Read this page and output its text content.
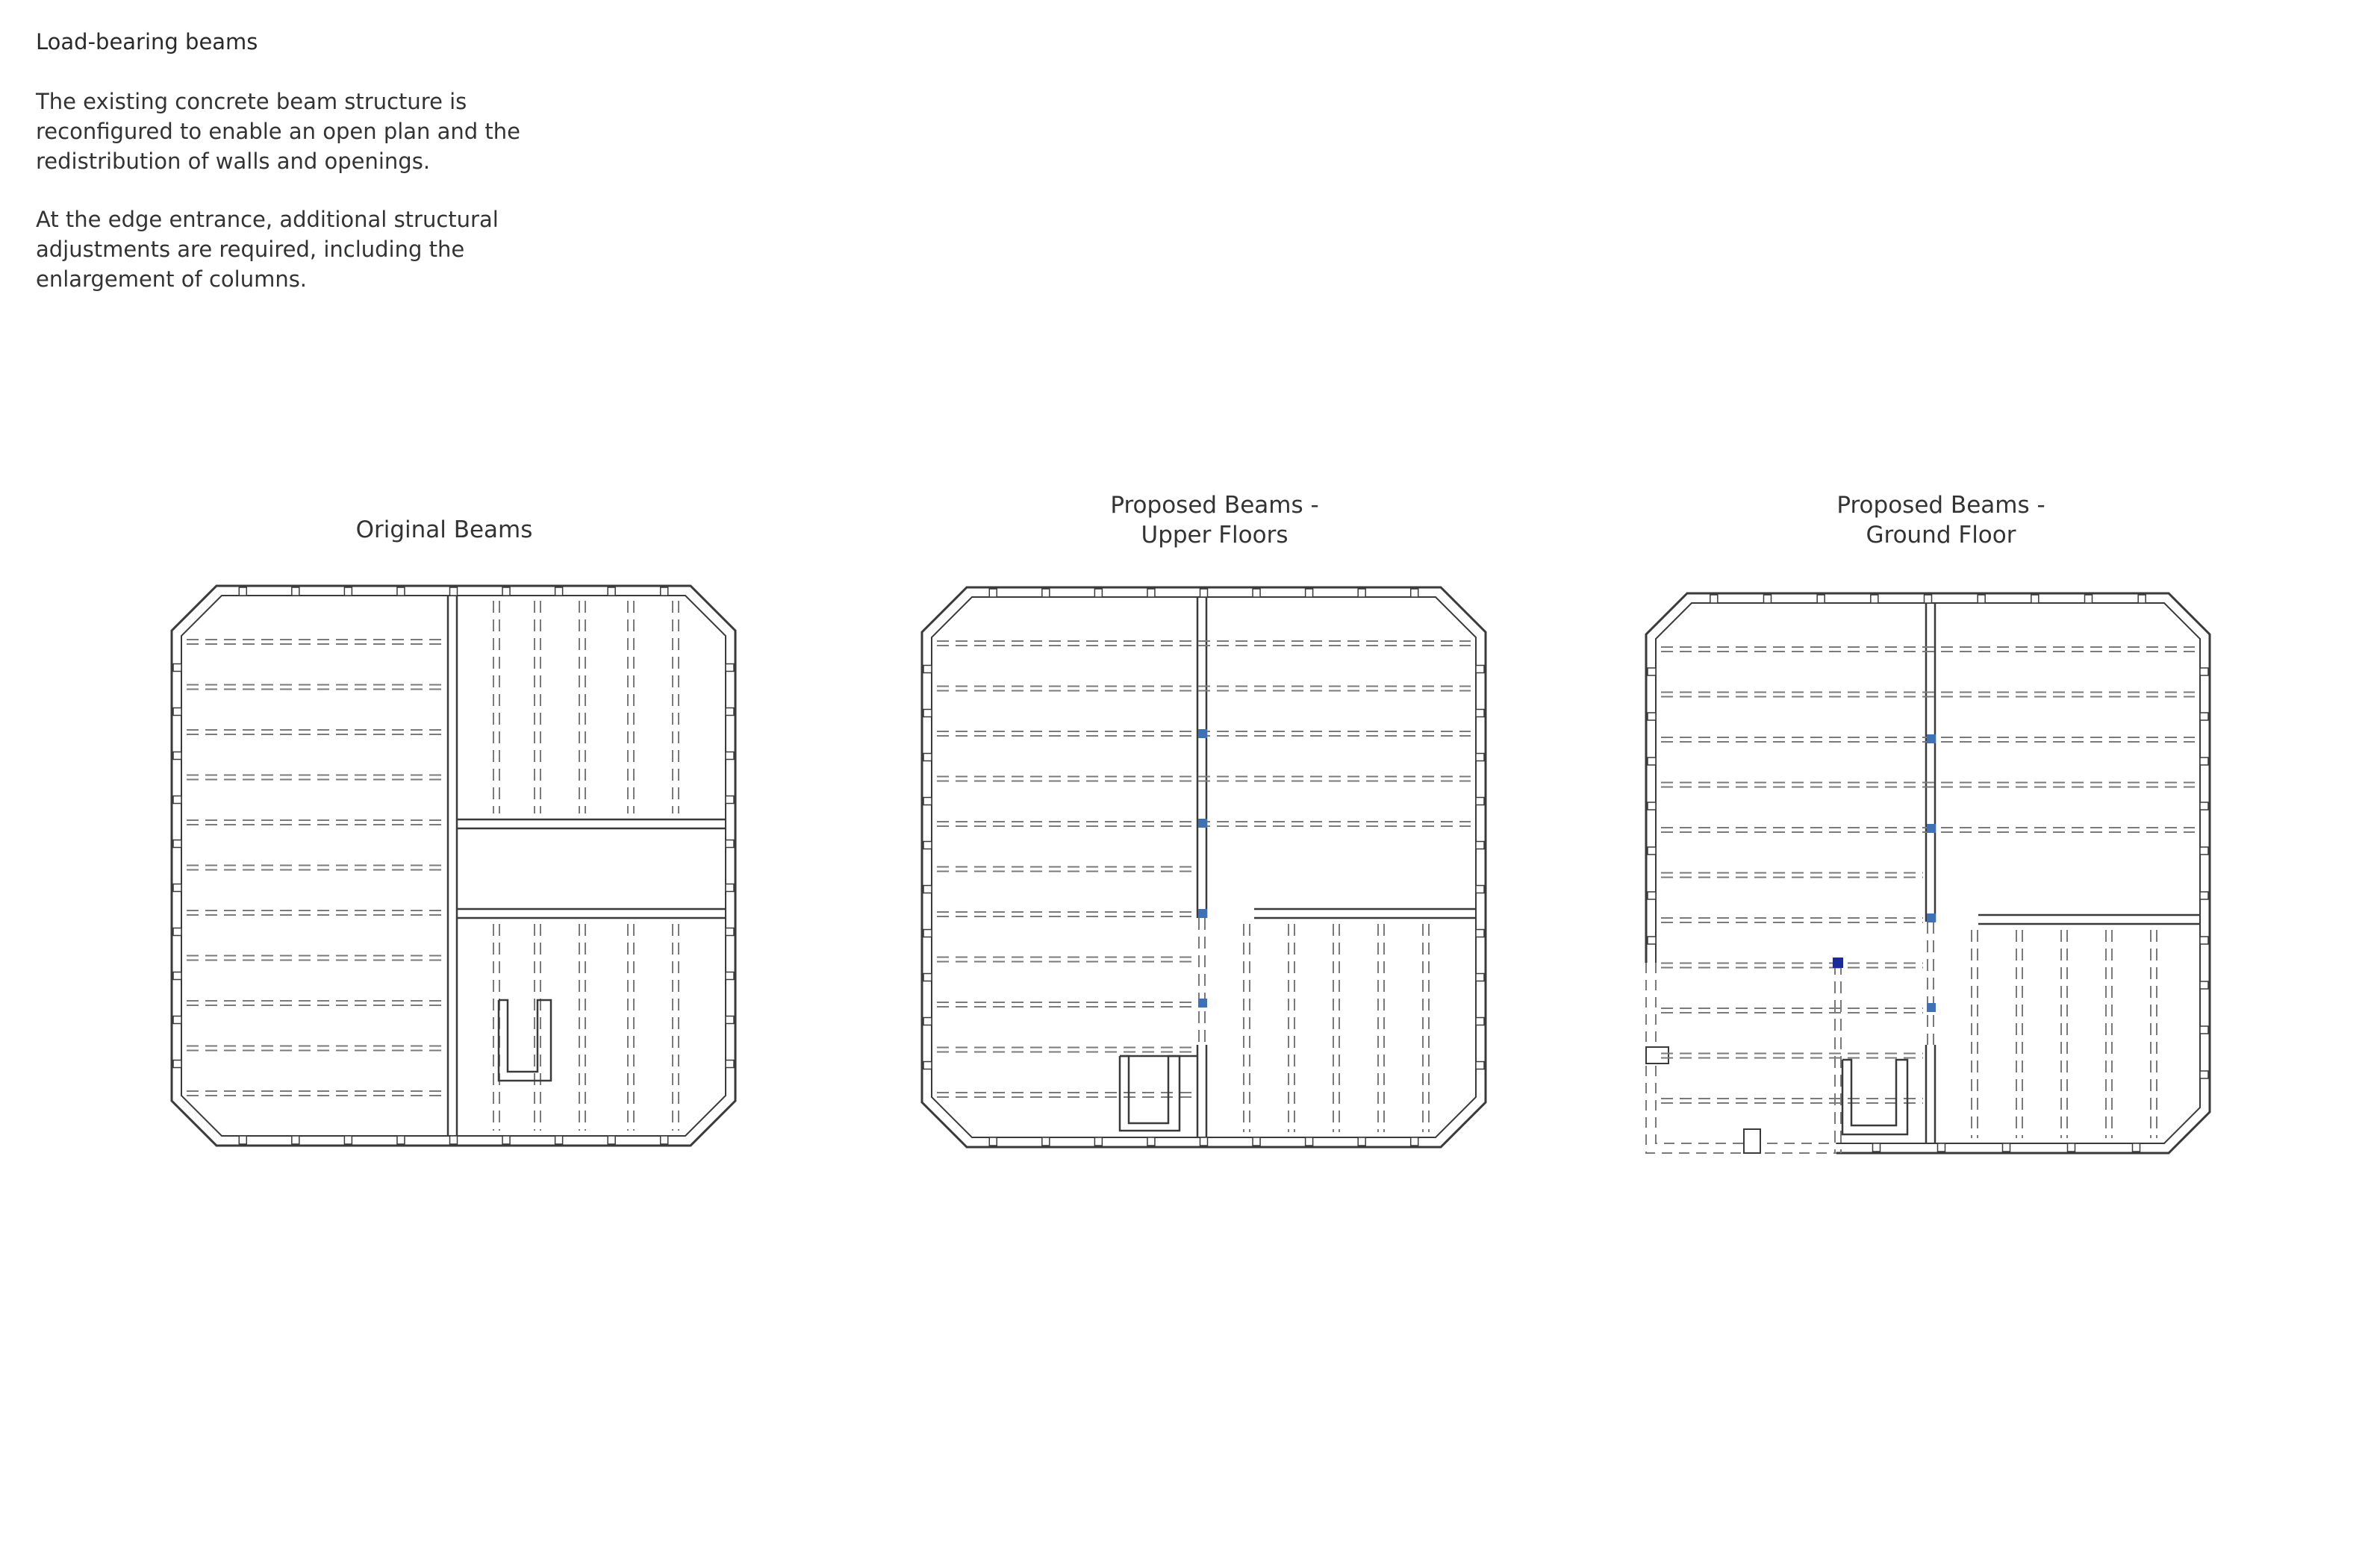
Load-bearing beams

The existing concrete beam structure is reconfigured to enable an open plan and the redistribution of walls and openings.

At the edge entrance, additional structural adjustments are required, including the enlargement of columns.

Original Beams
Proposed Beams -
Upper Floors
Proposed Beams -
Ground Floor
